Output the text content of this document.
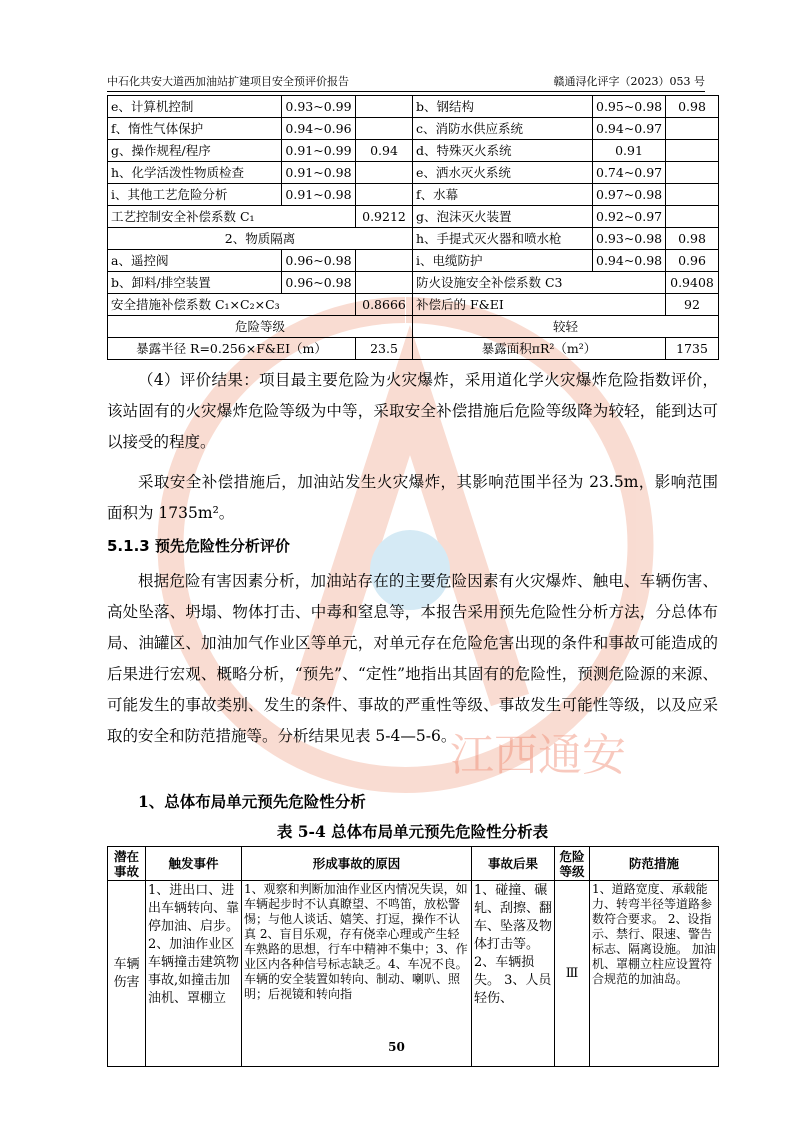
江西通安
中石化共安大道西加油站扩建项目安全预评价报告	赣通浔化评字（2023）053 号
e、计算机控制	0.93~0.99		b、钢结构	0.95~0.98	0.98
f、惰性气体保护	0.94~0.96		c、消防水供应系统	0.94~0.97	
g、操作规程/程序	0.91~0.99	0.94	d、特殊灭火系统	0.91	
h、化学活泼性物质检查	0.91~0.98		e、洒水灭火系统	0.74~0.97	
i、其他工艺危险分析	0.91~0.98		f、水幕	0.97~0.98	
工艺控制安全补偿系数 C₁		0.9212	g、泡沫灭火装置	0.92~0.97	
2、物质隔离			h、手提式灭火器和喷水枪	0.93~0.98	0.98
a、遥控阀	0.96~0.98		i、电缆防护	0.94~0.98	0.96
b、卸料/排空装置	0.96~0.98		防火设施安全补偿系数 C3		0.9408
安全措施补偿系数 C₁×C₂×C₃		0.8666	补偿后的 F&EI		92
危险等级			较轻		
暴露半径 R=0.256×F&EI（m）		23.5	暴露面积πR²（m²）		1735
（4）评价结果：项目最主要危险为火灾爆炸，采用道化学火灾爆炸危险指数评价，该站固有的火灾爆炸危险等级为中等，采取安全补偿措施后危险等级降为较轻，能到达可以接受的程度。
采取安全补偿措施后，加油站发生火灾爆炸，其影响范围半径为 23.5m，影响范围面积为 1735m²。
5.1.3 预先危险性分析评价
根据危险有害因素分析，加油站存在的主要危险因素有火灾爆炸、触电、车辆伤害、高处坠落、坍塌、物体打击、中毒和窒息等，本报告采用预先危险性分析方法，分总体布局、油罐区、加油加气作业区等单元，对单元存在危险危害出现的条件和事故可能造成的后果进行宏观、概略分析，“预先”、“定性”地指出其固有的危险性，预测危险源的来源、可能发生的事故类别、发生的条件、事故的严重性等级、事故发生可能性等级，以及应采取的安全和防范措施等。分析结果见表 5-4—5-6。
1、总体布局单元预先危险性分析
表 5-4 总体布局单元预先危险性分析表
潜在事故	触发事件	形成事故的原因	事故后果	危险等级	防范措施
车辆伤害	1、进出口、进出车辆转向、靠停加油、启步。2、加油作业区车辆撞击建筑物事故,如撞击加油机、罩棚立	1、观察和判断加油作业区内情况失误，如车辆起步时不认真瞭望、不鸣笛，放松警惕；与他人谈话、嬉笑、打逗，操作不认真 2、盲目乐观，存有侥幸心理或产生轻车熟路的思想，行车中精神不集中；3、作业区内各种信号标志缺乏。4、车况不良。车辆的安全装置如转向、制动、喇叭、照明；后视镜和转向指	1、碰撞、碾轧、刮擦、翻车、坠落及物体打击等。 2、车辆损失。 3、人员轻伤、	Ⅲ	1、道路宽度、承载能力、转弯半径等道路参数符合要求。 2、设指示、禁行、限速、警告标志、隔离设施。 加油机、罩棚立柱应设置符合规范的加油岛。
50
